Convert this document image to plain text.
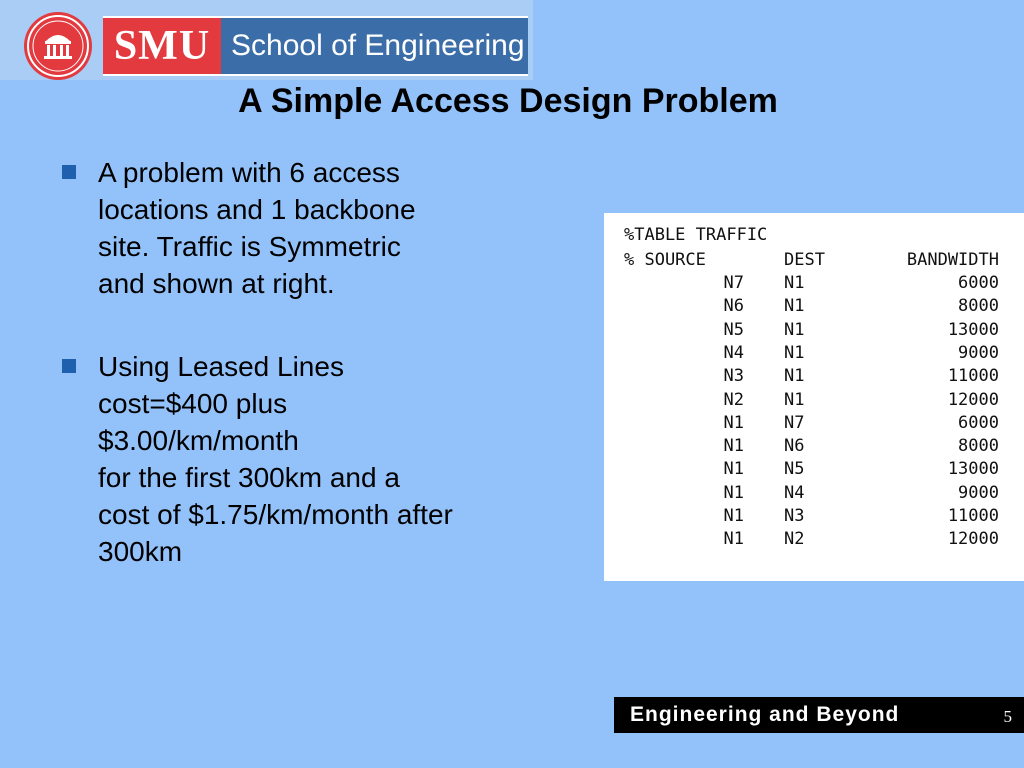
SMU School of Engineering
A Simple Access Design Problem
A problem with 6 access
locations and 1 backbone
site. Traffic is Symmetric
and shown at right.
Using Leased Lines
cost=$400 plus
$3.00/km/month
for the first 300km and a
cost of $1.75/km/month after
300km
%TABLE TRAFFIC
% SOURCE	DEST	BANDWIDTH
N7 N1	6000
N6 N1	8000
N5 N1	13000
N4 N1	9000
N3 N1	11000
N2 N1	12000
N1 N7	6000
N1 N6	8000
N1 N5	13000
N1 N4	9000
N1 N3	11000
N1 N2	12000
Engineering and Beyond	5
